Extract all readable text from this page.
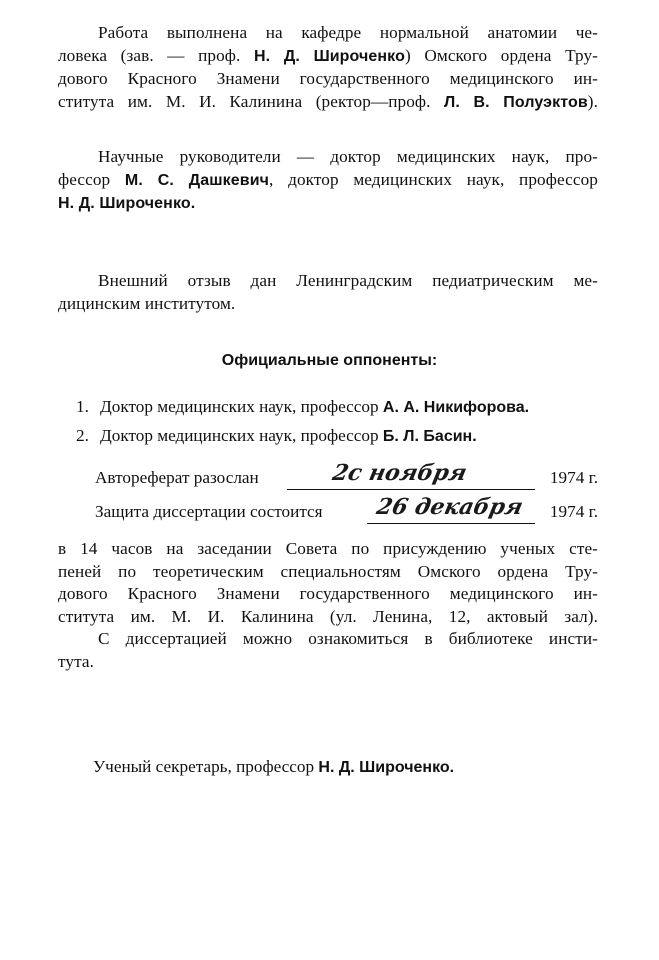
Работа выполнена на кафедре нормальной анатомии че-
ловека (зав. — проф. Н. Д. Широченко) Омского ордена Тру-
дового Красного Знамени государственного медицинского ин-
ститута им. М. И. Калинина (ректор—проф. Л. В. Полуэктов).
Научные руководители — доктор медицинских наук, про-
фессор М. С. Дашкевич, доктор медицинских наук, профессор
Н. Д. Широченко.
Внешний отзыв дан Ленинградским педиатрическим ме-
дицинским институтом.
Официальные оппоненты:
1. Доктор медицинских наук, профессор А. А. Никифорова.
2. Доктор медицинских наук, профессор Б. Л. Басин.
Автореферат разослан	2с ноября	1974 г.
Защита диссертации состоится 26 декабря 1974 г.
в 14 часов на заседании Совета по присуждению ученых сте-
пеней по теоретическим специальностям Омского ордена Тру-
дового Красного Знамени государственного медицинского ин-
ститута им. М. И. Калинина (ул. Ленина, 12, актовый зал).
С диссертацией можно ознакомиться в библиотеке инсти-
тута.
Ученый секретарь, профессор Н. Д. Широченко.
